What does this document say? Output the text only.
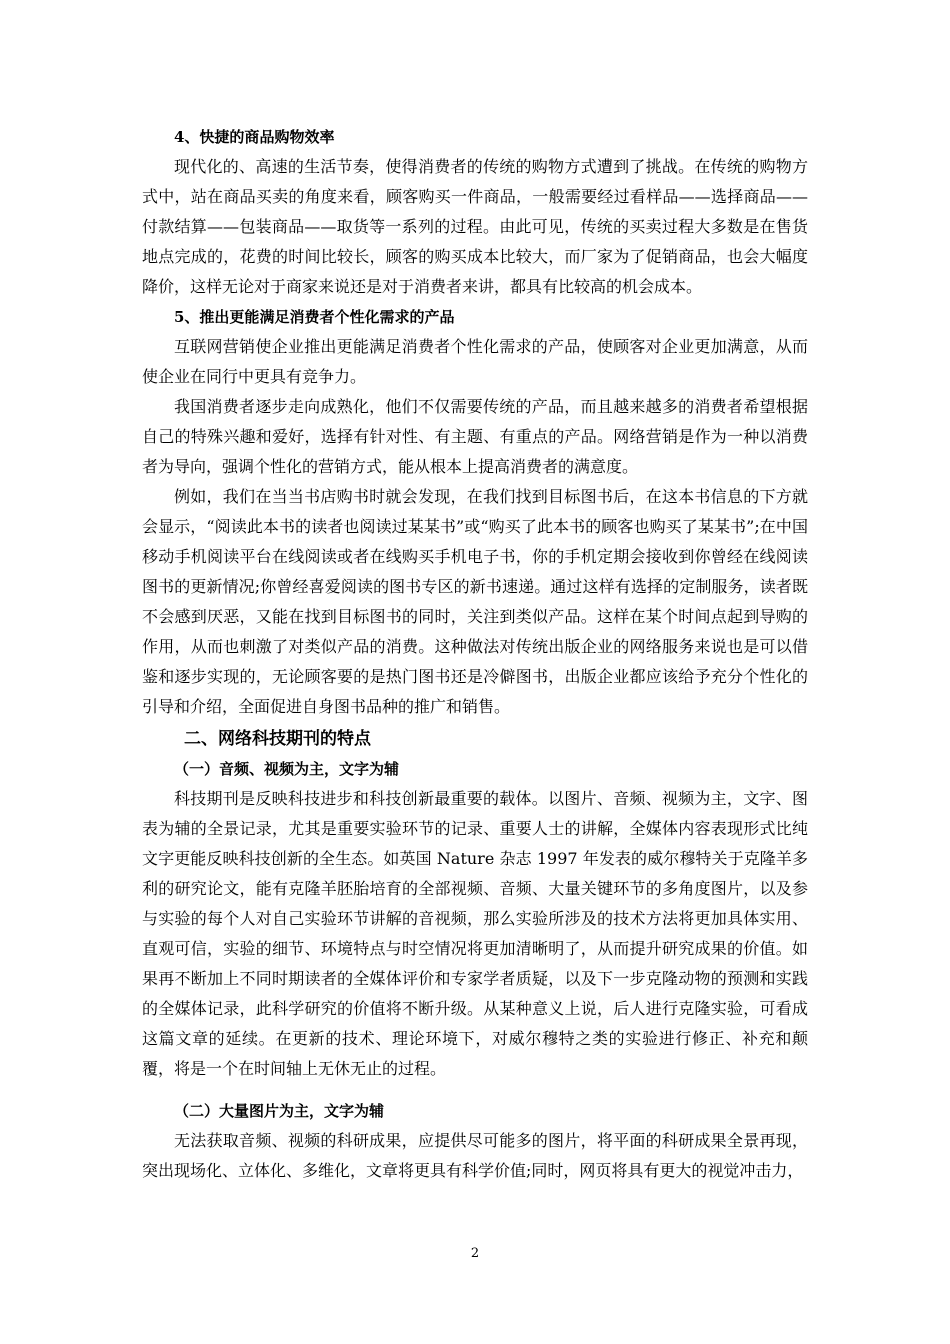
4、快捷的商品购物效率

现代化的、高速的生活节奏，使得消费者的传统的购物方式遭到了挑战。在传统的购物方式中，站在商品买卖的角度来看，顾客购买一件商品，一般需要经过看样品——选择商品——付款结算——包装商品——取货等一系列的过程。由此可见，传统的买卖过程大多数是在售货地点完成的，花费的时间比较长，顾客的购买成本比较大，而厂家为了促销商品，也会大幅度降价，这样无论对于商家来说还是对于消费者来讲，都具有比较高的机会成本。

5、推出更能满足消费者个性化需求的产品

互联网营销使企业推出更能满足消费者个性化需求的产品，使顾客对企业更加满意，从而使企业在同行中更具有竞争力。

我国消费者逐步走向成熟化，他们不仅需要传统的产品，而且越来越多的消费者希望根据自己的特殊兴趣和爱好，选择有针对性、有主题、有重点的产品。网络营销是作为一种以消费者为导向，强调个性化的营销方式，能从根本上提高消费者的满意度。

例如，我们在当当书店购书时就会发现，在我们找到目标图书后，在这本书信息的下方就会显示，“阅读此本书的读者也阅读过某某书”或“购买了此本书的顾客也购买了某某书”;在中国移动手机阅读平台在线阅读或者在线购买手机电子书，你的手机定期会接收到你曾经在线阅读图书的更新情况;你曾经喜爱阅读的图书专区的新书速递。通过这样有选择的定制服务，读者既不会感到厌恶，又能在找到目标图书的同时，关注到类似产品。这样在某个时间点起到导购的作用，从而也刺激了对类似产品的消费。这种做法对传统出版企业的网络服务来说也是可以借鉴和逐步实现的，无论顾客要的是热门图书还是冷僻图书，出版企业都应该给予充分个性化的引导和介绍，全面促进自身图书品种的推广和销售。

二、网络科技期刊的特点

（一）音频、视频为主，文字为辅

科技期刊是反映科技进步和科技创新最重要的载体。以图片、音频、视频为主，文字、图表为辅的全景记录，尤其是重要实验环节的记录、重要人士的讲解，全媒体内容表现形式比纯文字更能反映科技创新的全生态。如英国 Nature 杂志 1997 年发表的威尔穆特关于克隆羊多利的研究论文，能有克隆羊胚胎培育的全部视频、音频、大量关键环节的多角度图片，以及参与实验的每个人对自己实验环节讲解的音视频，那么实验所涉及的技术方法将更加具体实用、直观可信，实验的细节、环境特点与时空情况将更加清晰明了，从而提升研究成果的价值。如果再不断加上不同时期读者的全媒体评价和专家学者质疑，以及下一步克隆动物的预测和实践的全媒体记录，此科学研究的价值将不断升级。从某种意义上说，后人进行克隆实验，可看成这篇文章的延续。在更新的技术、理论环境下，对威尔穆特之类的实验进行修正、补充和颠覆，将是一个在时间轴上无休无止的过程。

（二）大量图片为主，文字为辅

无法获取音频、视频的科研成果，应提供尽可能多的图片，将平面的科研成果全景再现，突出现场化、立体化、多维化，文章将更具有科学价值;同时，网页将具有更大的视觉冲击力，

2
